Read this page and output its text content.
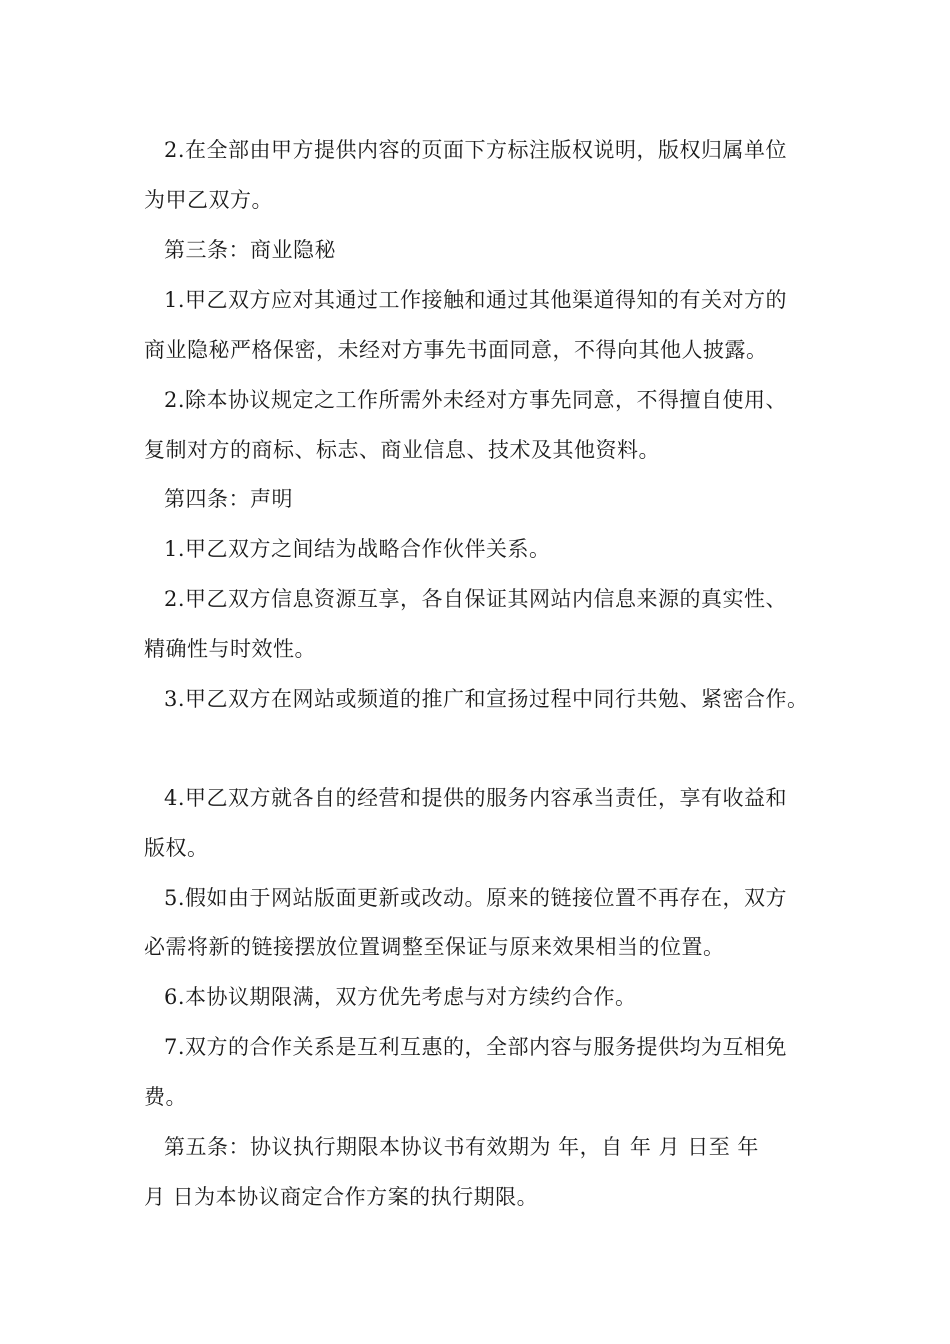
2.在全部由甲方提供内容的页面下方标注版权说明，版权归属单位
为甲乙双方。
第三条：商业隐秘
1.甲乙双方应对其通过工作接触和通过其他渠道得知的有关对方的
商业隐秘严格保密，未经对方事先书面同意，不得向其他人披露。
2.除本协议规定之工作所需外未经对方事先同意，不得擅自使用、
复制对方的商标、标志、商业信息、技术及其他资料。
第四条：声明
1.甲乙双方之间结为战略合作伙伴关系。
2.甲乙双方信息资源互享，各自保证其网站内信息来源的真实性、
精确性与时效性。
3.甲乙双方在网站或频道的推广和宣扬过程中同行共勉、紧密合作。
4.甲乙双方就各自的经营和提供的服务内容承当责任，享有收益和
版权。
5.假如由于网站版面更新或改动。原来的链接位置不再存在，双方
必需将新的链接摆放位置调整至保证与原来效果相当的位置。
6.本协议期限满，双方优先考虑与对方续约合作。
7.双方的合作关系是互利互惠的，全部内容与服务提供均为互相免
费。
第五条：协议执行期限本协议书有效期为 年，自 年 月 日至 年
月 日为本协议商定合作方案的执行期限。
